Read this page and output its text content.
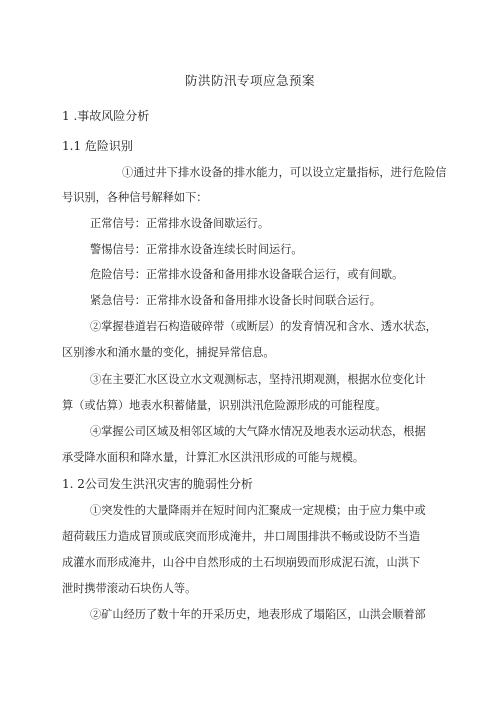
防洪防汛专项应急预案
1 .事故风险分析
1.1 危险识别
①通过井下排水设备的排水能力，可以设立定量指标，进行危险信
号识别，各种信号解释如下：
正常信号：正常排水设备间歇运行。
警惕信号：正常排水设备连续长时间运行。
危险信号：正常排水设备和备用排水设备联合运行，或有间歇。
紧急信号：正常排水设备和备用排水设备长时间联合运行。
②掌握巷道岩石构造破碎带（或断层）的发育情况和含水、透水状态，
区别渗水和涌水量的变化，捕捉异常信息。
③在主要汇水区设立水文观测标志，坚持汛期观测，根据水位变化计
算（或估算）地表水积蓄储量，识别洪汛危险源形成的可能程度。
④掌握公司区域及相邻区域的大气降水情况及地表水运动状态，根据
承受降水面积和降水量，计算汇水区洪汛形成的可能与规模。
1. 2公司发生洪汛灾害的脆弱性分析
①突发性的大量降雨并在短时间内汇聚成一定规模；由于应力集中或
超荷载压力造成冒顶或底突而形成淹井，井口周围排洪不畅或设防不当造
成灌水而形成淹井，山谷中自然形成的土石坝崩毁而形成泥石流，山洪下
泄时携带滚动石块伤人等。
②矿山经历了数十年的开采历史，地表形成了塌陷区，山洪会顺着部
